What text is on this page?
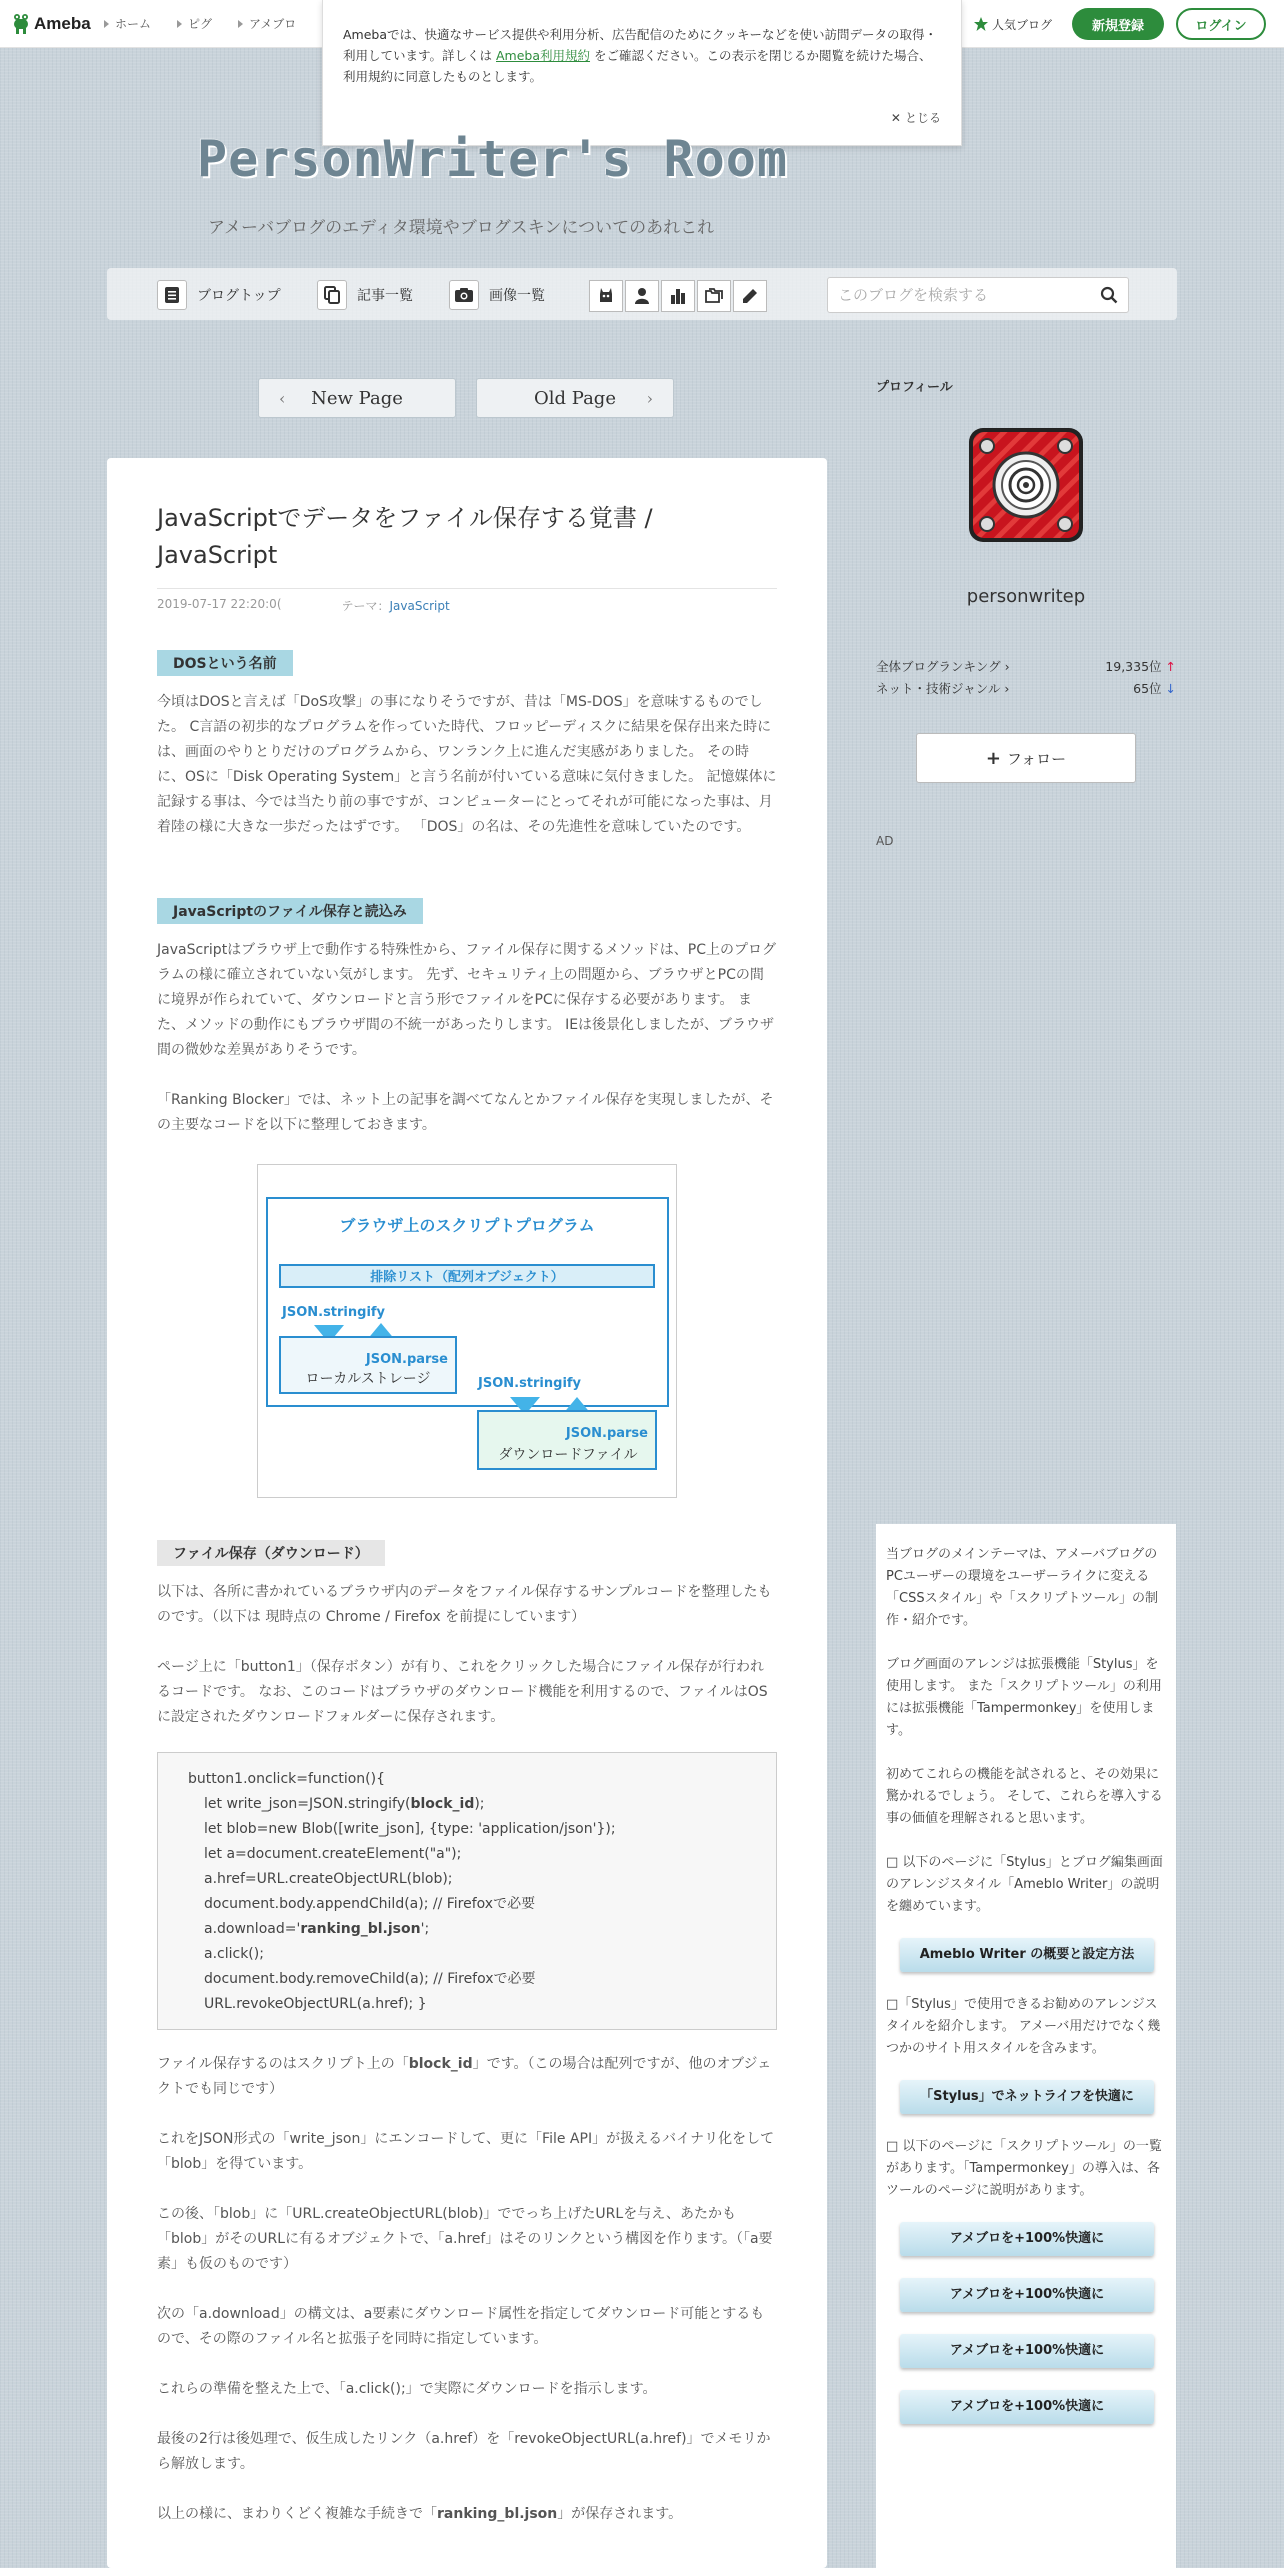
Ameba	ホーム	ピグ	アメブロ	人気ブログ	新規登録	ログイン
Amebaでは、快適なサービス提供や利用分析、広告配信のためにクッキーなどを使い訪問データの取得・利用しています。詳しくは Ameba利用規約 をご確認ください。この表示を閉じるか閲覧を続けた場合、利用規約に同意したものとします。
✕ とじる
PersonWriter's Room
アメーバブログのエディタ環境やブログスキンについてのあれこれ
ブログトップ	記事一覧	画像一覧
このブログを検索する
‹ New Page	Old Page ›
JavaScriptでデータをファイル保存する覚書 / JavaScript
2019-07-17 22:20:0(	テーマ：JavaScript
DOSという名前

今頃はDOSと言えば「DoS攻撃」の事になりそうですが、昔は「MS-DOS」を意味するものでした。 C言語の初歩的なプログラムを作っていた時代、フロッピーディスクに結果を保存出来た時には、画面のやりとりだけのプログラムから、ワンランク上に進んだ実感がありました。 その時に、OSに「Disk Operating System」と言う名前が付いている意味に気付きました。 記憶媒体に記録する事は、今では当たり前の事ですが、コンピューターにとってそれが可能になった事は、月着陸の様に大きな一歩だったはずです。 「DOS」の名は、その先進性を意味していたのです。

JavaScriptのファイル保存と読込み

JavaScriptはブラウザ上で動作する特殊性から、ファイル保存に関するメソッドは、PC上のプログラムの様に確立されていない気がします。 先ず、セキュリティ上の問題から、ブラウザとPCの間に境界が作られていて、ダウンロードと言う形でファイルをPCに保存する必要があります。 また、メソッドの動作にもブラウザ間の不統一があったりします。 IEは後景化しましたが、ブラウザ間の微妙な差異がありそうです。

「Ranking Blocker」では、ネット上の記事を調べてなんとかファイル保存を実現しましたが、その主要なコードを以下に整理しておきます。

ブラウザ上のスクリプトプログラム
排除リスト（配列オブジェクト）
JSON.stringify
JSON.parse
ローカルストレージ	JSON.stringify
JSON.parse
ダウンロードファイル
ファイル保存（ダウンロード）

以下は、各所に書かれているブラウザ内のデータをファイル保存するサンプルコードを整理したものです。（以下は 現時点の Chrome / Firefox を前提にしています）

ページ上に「button1」（保存ボタン）が有り、これをクリックした場合にファイル保存が行われるコードです。 なお、このコードはブラウザのダウンロード機能を利用するので、ファイルはOSに設定されたダウンロードフォルダーに保存されます。

button1.onclick=function(){
let write_json=JSON.stringify(block_id);
let blob=new Blob([write_json], {type: 'application/json'});
let a=document.createElement("a");
a.href=URL.createObjectURL(blob);
document.body.appendChild(a); // Firefoxで必要
a.download='ranking_bl.json';
a.click();
document.body.removeChild(a); // Firefoxで必要
URL.revokeObjectURL(a.href); }

ファイル保存するのはスクリプト上の「block_id」です。（この場合は配列ですが、他のオブジェクトでも同じです）

これをJSON形式の「write_json」にエンコードして、更に「File API」が扱えるバイナリ化をして「blob」を得ています。

この後、「blob」に「URL.createObjectURL(blob)」ででっち上げたURLを与え、あたかも「blob」がそのURLに有るオブジェクトで、「a.href」はそのリンクという構図を作ります。（「a要素」も仮のものです）

次の「a.download」の構文は、a要素にダウンロード属性を指定してダウンロード可能とするもので、その際のファイル名と拡張子を同時に指定しています。

これらの準備を整えた上で、「a.click();」で実際にダウンロードを指示します。

最後の2行は後処理で、仮生成したリンク（a.href）を「revokeObjectURL(a.href)」でメモリから解放します。

以上の様に、まわりくどく複雑な手続きで「ranking_bl.json」が保存されます。

プロフィール
personwritep
全体ブログランキング ›	19,335位 ↑
ネット・技術ジャンル ›	65位 ↓
+ フォロー
AD

当ブログのメインテーマは、アメーバブログの PCユーザーの環境をユーザーライクに変える「CSSスタイル」や「スクリプトツール」の制作・紹介です。

ブログ画面のアレンジは拡張機能「Stylus」を使用します。 また「スクリプトツール」の利用には拡張機能「Tampermonkey」を使用します。

初めてこれらの機能を試されると、その効果に驚かれるでしょう。 そして、これらを導入する事の価値を理解されると思います。

□ 以下のページに「Stylus」とブログ編集画面のアレンジスタイル「Ameblo Writer」の説明を纏めています。

Ameblo Writer の概要と設定方法

□「Stylus」で使用できるお勧めのアレンジスタイルを紹介します。 アメーバ用だけでなく幾つかのサイト用スタイルを含みます。

「Stylus」でネットライフを快適に

□ 以下のページに「スクリプトツール」の一覧があります。「Tampermonkey」の導入は、各ツールのページに説明があります。

アメブロを+100%快適に
アメブロを+100%快適に
アメブロを+100%快適に
アメブロを+100%快適に
